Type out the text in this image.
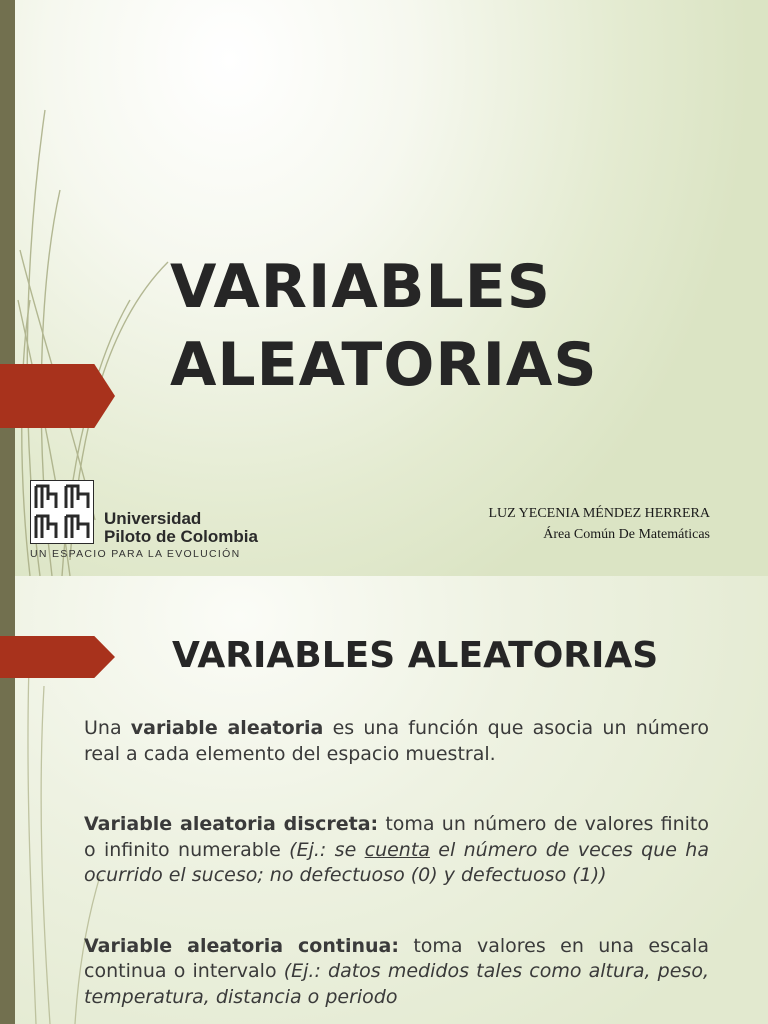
VARIABLES
ALEATORIAS
Universidad
Piloto de Colombia
UN ESPACIO PARA LA EVOLUCIÓN
LUZ YECENIA MÉNDEZ HERRERA
Área Común De Matemáticas
VARIABLES ALEATORIAS

Una variable aleatoria es una función que asocia un número real a cada elemento del espacio muestral.

Variable aleatoria discreta: toma un número de valores finito o infinito numerable (Ej.: se cuenta el número de veces que ha ocurrido el suceso; no defectuoso (0) y defectuoso (1))

Variable aleatoria continua: toma valores en una escala continua o intervalo (Ej.: datos medidos tales como altura, peso, temperatura, distancia o periodo
